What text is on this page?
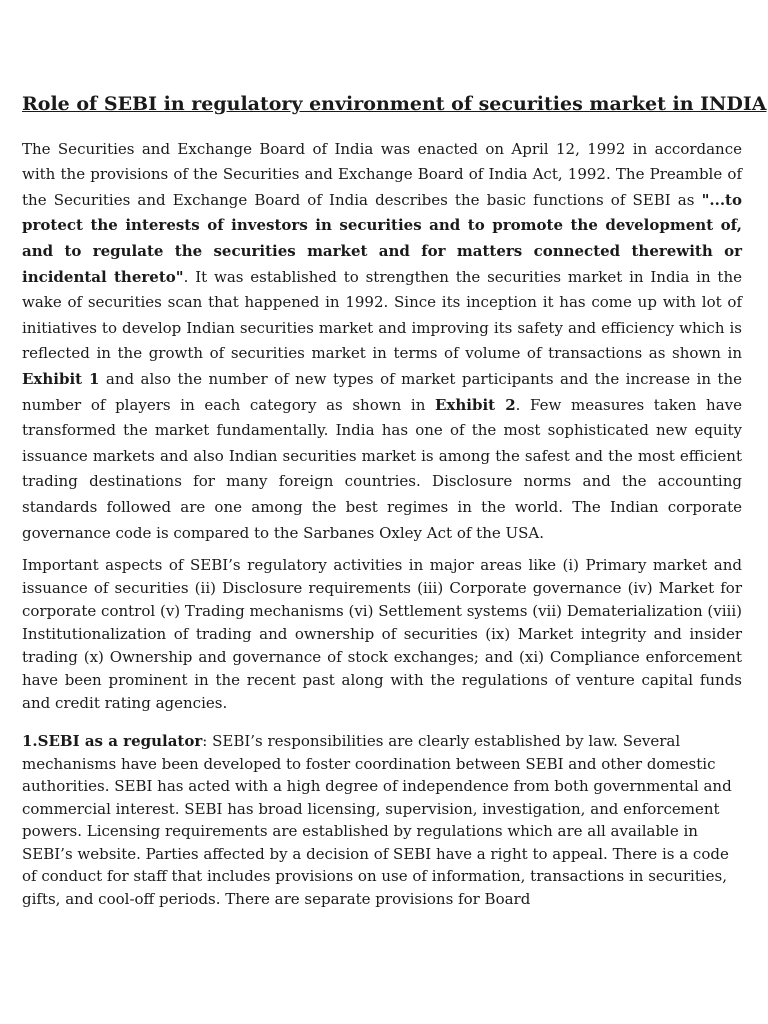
Role of SEBI in regulatory environment of securities market in INDIA

The Securities and Exchange Board of India was enacted on April 12, 1992 in accordance with the provisions of the Securities and Exchange Board of India Act, 1992. The Preamble of the Securities and Exchange Board of India describes the basic functions of SEBI as "...to protect the interests of investors in securities and to promote the development of, and to regulate the securities market and for matters connected therewith or incidental thereto". It was established to strengthen the securities market in India in the wake of securities scan that happened in 1992. Since its inception it has come up with lot of initiatives to develop Indian securities market and improving its safety and efficiency which is reflected in the growth of securities market in terms of volume of transactions as shown in Exhibit 1 and also the number of new types of market participants and the increase in the number of players in each category as shown in Exhibit 2. Few measures taken have transformed the market fundamentally. India has one of the most sophisticated new equity issuance markets and also Indian securities market is among the safest and the most efficient trading destinations for many foreign countries. Disclosure norms and the accounting standards followed are one among the best regimes in the world. The Indian corporate governance code is compared to the Sarbanes Oxley Act of the USA.

Important aspects of SEBI’s regulatory activities in major areas like (i) Primary market and issuance of securities (ii) Disclosure requirements (iii) Corporate governance (iv) Market for corporate control (v) Trading mechanisms (vi) Settlement systems (vii) Dematerialization (viii) Institutionalization of trading and ownership of securities (ix) Market integrity and insider trading (x) Ownership and governance of stock exchanges; and (xi) Compliance enforcement have been prominent in the recent past along with the regulations of venture capital funds and credit rating agencies.

1.SEBI as a regulator: SEBI’s responsibilities are clearly established by law. Several mechanisms have been developed to foster coordination between SEBI and other domestic authorities. SEBI has acted with a high degree of independence from both governmental and commercial interest. SEBI has broad licensing, supervision, investigation, and enforcement powers. Licensing requirements are established by regulations which are all available in SEBI’s website. Parties affected by a decision of SEBI have a right to appeal. There is a code of conduct for staff that includes provisions on use of information, transactions in securities, gifts, and cool-off periods. There are separate provisions for Board
